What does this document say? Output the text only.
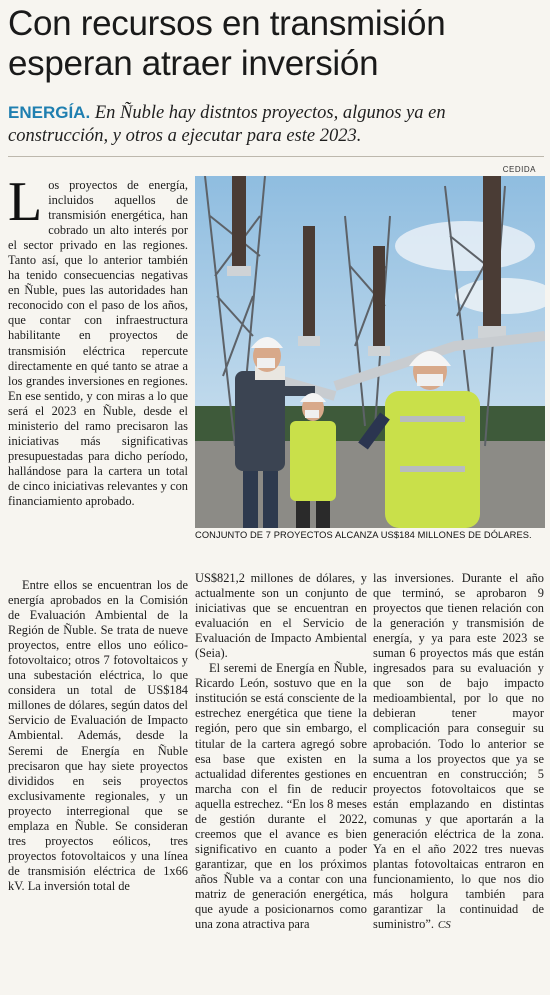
Con recursos en transmisión esperan atraer inversión
ENERGÍA. En Ñuble hay distntos proyectos, algunos ya en construcción, y otros a ejecutar para este 2023.
CEDIDA
CONJUNTO DE 7 PROYECTOS ALCANZA US$184 MILLONES DE DÓLARES.

Los proyectos de energía, incluidos aquellos de transmisión energética, han cobrado un alto interés por el sector privado en las regiones. Tanto así, que lo anterior también ha tenido consecuencias negativas en Ñuble, pues las autoridades han reconocido con el paso de los años, que contar con infraestructura habilitante en proyectos de transmisión eléctrica repercute directamente en qué tanto se atrae a los grandes inversiones en regiones. En ese sentido, y con miras a lo que será el 2023 en Ñuble, desde el ministerio del ramo precisaron las iniciativas más significativas presupuestadas para dicho período, hallándose para la cartera un total de cinco iniciativas relevantes y con financiamiento aprobado.

Entre ellos se encuentran los de energía aprobados en la Comisión de Evaluación Ambiental de la Región de Ñuble. Se trata de nueve proyectos, entre ellos uno eólico-fotovoltaico; otros 7 fotovoltaicos y una subestación eléctrica, lo que considera un total de US$184 millones de dólares, según datos del Servicio de Evaluación de Impacto Ambiental. Además, desde la Seremi de Energía en Ñuble precisaron que hay siete proyectos divididos en seis proyectos exclusivamente regionales, y un proyecto interregional que se emplaza en Ñuble. Se consideran tres proyectos eólicos, tres proyectos fotovoltaicos y una línea de transmisión eléctrica de 1x66 kV. La inversión total de

US$821,2 millones de dólares, y actualmente son un conjunto de iniciativas que se encuentran en evaluación en el Servicio de Evaluación de Impacto Ambiental (Seia).

El seremi de Energía en Ñuble, Ricardo León, sostuvo que en la institución se está consciente de la estrechez energética que tiene la región, pero que sin embargo, el titular de la cartera agregó sobre esa base que existen en la actualidad diferentes gestiones en marcha con el fin de reducir aquella estrechez. “En los 8 meses de gestión durante el 2022, creemos que el avance es bien significativo en cuanto a poder garantizar, que en los próximos años Ñuble va a contar con una matriz de generación energética, que ayude a posicionarnos como una zona atractiva para

las inversiones. Durante el año que terminó, se aprobaron 9 proyectos que tienen relación con la generación y transmisión de energía, y ya para este 2023 se suman 6 proyectos más que están ingresados para su evaluación y que son de bajo impacto medioambiental, por lo que no debieran tener mayor complicación para conseguir su aprobación. Todo lo anterior se suma a los proyectos que ya se encuentran en construcción; 5 proyectos fotovoltaicos que se están emplazando en distintas comunas y que aportarán a la generación eléctrica de la zona. Ya en el año 2022 tres nuevas plantas fotovoltaicas entraron en funcionamiento, lo que nos dio más holgura también para garantizar la continuidad de suministro”. CS
